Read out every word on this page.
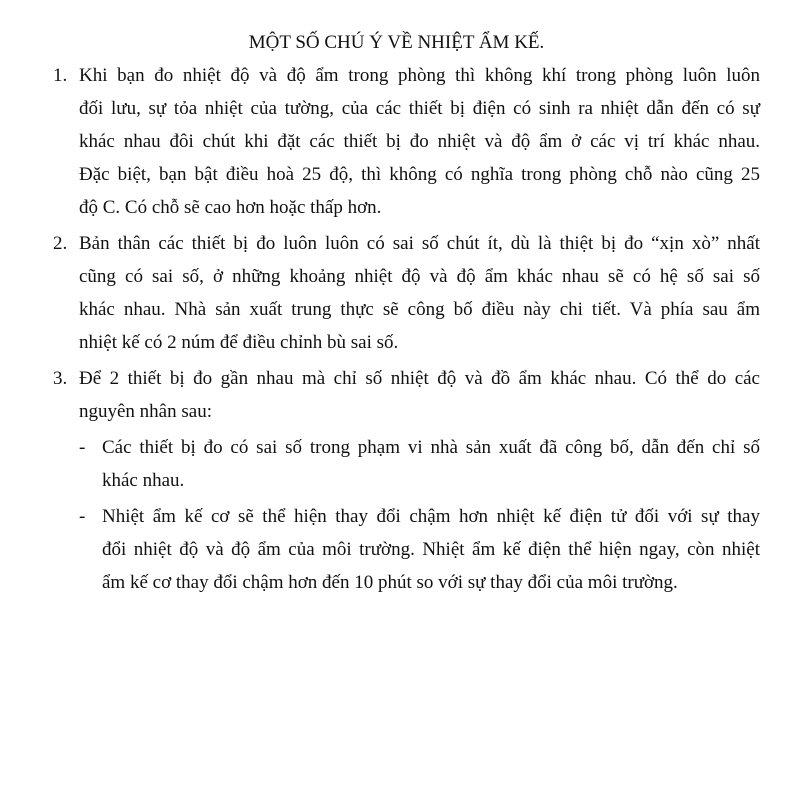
MỘT SỐ CHÚ Ý VỀ NHIỆT ẨM KẾ.
1. Khi bạn đo nhiệt độ và độ ẩm trong phòng thì không khí trong phòng luôn luôn
đối lưu, sự tỏa nhiệt của tường, của các thiết bị điện có sinh ra nhiệt dẫn đến có sự
khác nhau đôi chút khi đặt các thiết bị đo nhiệt và độ ẩm ở các vị trí khác nhau.
Đặc biệt, bạn bật điều hoà 25 độ, thì không có nghĩa trong phòng chỗ nào cũng 25
độ C. Có chỗ sẽ cao hơn hoặc thấp hơn.
2. Bản thân các thiết bị đo luôn luôn có sai số chút ít, dù là thiệt bị đo “xịn xò” nhất
cũng có sai số, ở những khoảng nhiệt độ và độ ẩm khác nhau sẽ có hệ số sai số
khác nhau. Nhà sản xuất trung thực sẽ công bố điều này chi tiết. Và phía sau ẩm
nhiệt kế có 2 núm để điều chỉnh bù sai số.
3. Để 2 thiết bị đo gần nhau mà chỉ số nhiệt độ và đồ ẩm khác nhau. Có thể do các
nguyên nhân sau:
- Các thiết bị đo có sai số trong phạm vi nhà sản xuất đã công bố, dẫn đến chỉ số
khác nhau.
- Nhiệt ẩm kế cơ sẽ thể hiện thay đổi chậm hơn nhiệt kế điện tử đối với sự thay
đổi nhiệt độ và độ ẩm của môi trường. Nhiệt ẩm kế điện thể hiện ngay, còn nhiệt
ẩm kế cơ thay đổi chậm hơn đến 10 phút so với sự thay đổi của môi trường.
